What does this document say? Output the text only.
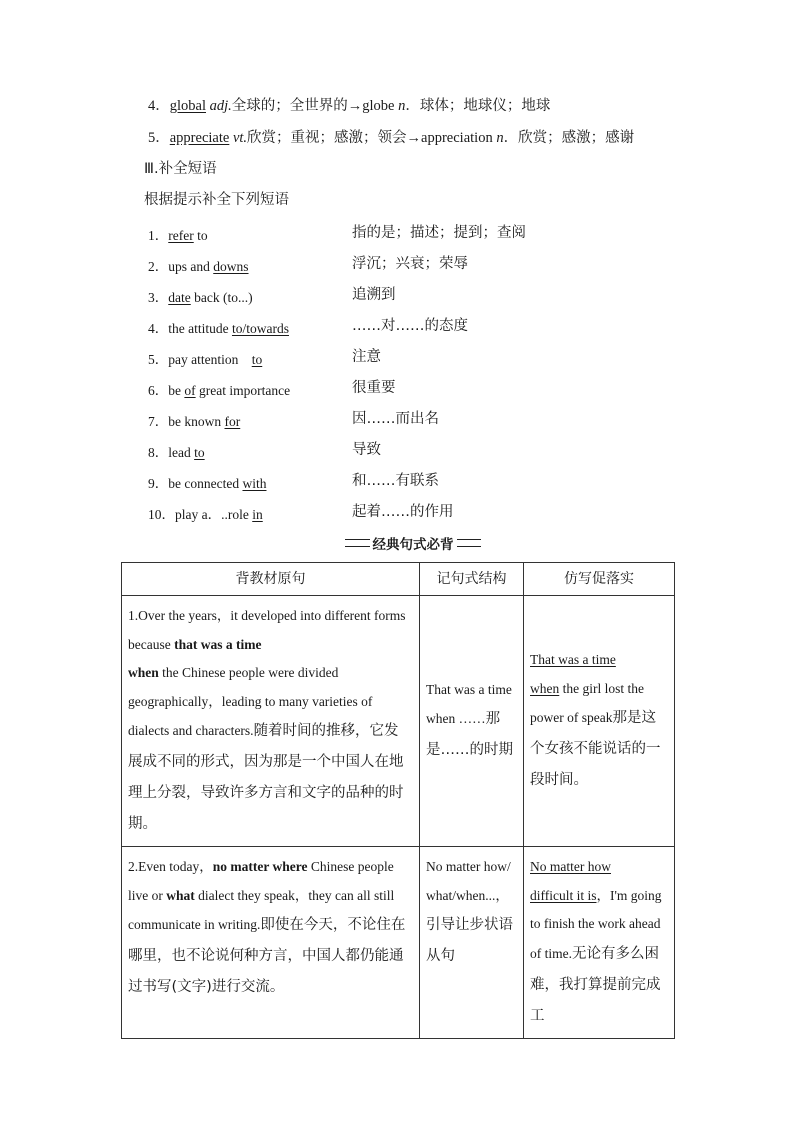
4．global adj.全球的；全世界的→globe n．球体；地球仪；地球
5．appreciate vt.欣赏；重视；感激；领会→appreciation n．欣赏；感激；感谢
Ⅲ.补全短语
根据提示补全下列短语
1．refer to	指的是；描述；提到；查阅
2．ups and downs	浮沉；兴衰；荣辱
3．date back (to...)	追溯到
4．the attitude to/towards	……对……的态度
5．pay attention to	注意
6．be of great importance	很重要
7．be known for	因……而出名
8．lead to	导致
9．be connected with	和……有联系
10．play a．..role in	起着……的作用
经典句式必背
背教材原句	记句式结构	仿写促落实
1.Over the years，it developed into different forms because that was a time
when the Chinese people were divided geographically，leading to many varieties of dialects and characters.随着时间的推移，它发展成不同的形式，因为那是一个中国人在地理上分裂，导致许多方言和文字的品种的时期。	That was a time when ……那是……的时期	That was a time
when the girl lost the power of speak那是这个女孩不能说话的一段时间。
2.Even today，no matter where Chinese people live or what dialect they speak，they can all still communicate in writing.即使在今天，不论住在哪里，也不论说何种方言，中国人都仍能通过书写(文字)进行交流。	No matter how/ what/when...，引导让步状语从句	No matter how
difficult it is，I'm going to finish the work ahead of time.无论有多么困难，我打算提前完成工
